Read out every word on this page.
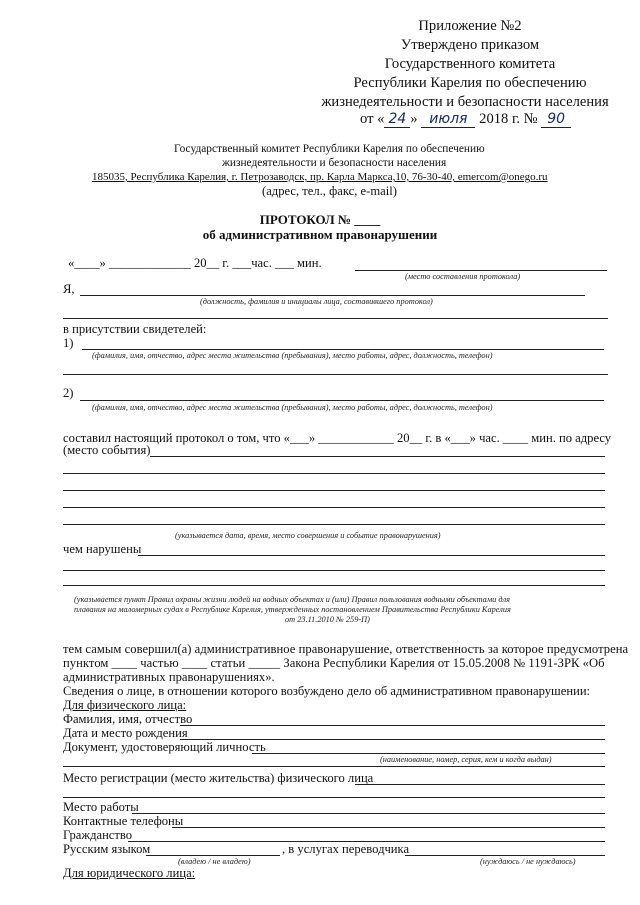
Приложение №2
Утверждено приказом
Государственного комитета
Республики Карелия по обеспечению
жизнедеятельности и безопасности населения
от « 24 » июля 2018 г. № 90
Государственный комитет Республики Карелия по обеспечению
жизнедеятельности и безопасности населения
185035, Республика Карелия, г. Петрозаводск, пр. Карла Маркса,10, 76-30-40, emercom@onego.ru
(адрес, тел., факс, e-mail)
ПРОТОКОЛ № ____
об административном правонарушении
«____» _____________ 20__ г. ___час. ___ мин.
(место составления протокола)
Я,
(должность, фамилия и инициалы лица, составившего протокол)
в присутствии свидетелей:
1)
(фамилия, имя, отчество, адрес места жительства (пребывания), место работы, адрес, должность, телефон)
2)
(фамилия, имя, отчество, адрес места жительства (пребывания), место работы, адрес, должность, телефон)
составил настоящий протокол о том, что «___» ____________ 20__ г. в «___» час. ____ мин. по адресу
(место события)
(указывается дата, время, место совершения и событие правонарушения)
чем нарушены
(указывается пункт Правил охраны жизни людей на водных объектах и (или) Правил пользования водными объектами для
плавания на маломерных судах в Республике Карелия, утвержденных постановлением Правительства Республики Карелия
от 23.11.2010 № 259-П)
тем самым совершил(а) административное правонарушение, ответственность за которое предусмотрена
пунктом ____ частью ____ статьи _____ Закона Республики Карелия от 15.05.2008 № 1191-ЗРК «Об
административных правонарушениях».
Сведения о лице, в отношении которого возбуждено дело об административном правонарушении:
Для физического лица:
Фамилия, имя, отчество
Дата и место рождения
Документ, удостоверяющий личность
(наименование, номер, серия, кем и когда выдан)
Место регистрации (место жительства) физического лица
Место работы
Контактные телефоны
Гражданство
Русским языком	, в услугах переводчика
(владею / не владею)	(нуждаюсь / не нуждаюсь)
Для юридического лица:
